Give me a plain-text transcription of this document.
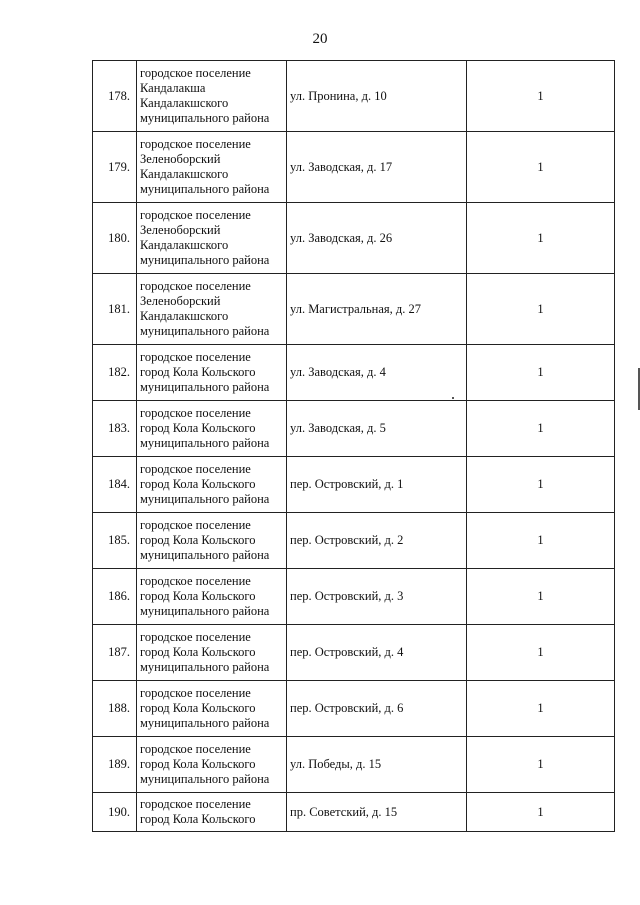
20
178.	городское поселение
Кандалакша
Кандалакшского
муниципального района	ул. Пронина, д. 10	1
179.	городское поселение
Зеленоборский
Кандалакшского
муниципального района	ул. Заводская, д. 17	1
180.	городское поселение
Зеленоборский
Кандалакшского
муниципального района	ул. Заводская, д. 26	1
181.	городское поселение
Зеленоборский
Кандалакшского
муниципального района	ул. Магистральная, д. 27	1
182.	городское поселение
город Кола Кольского
муниципального района	ул. Заводская, д. 4	1
183.	городское поселение
город Кола Кольского
муниципального района	ул. Заводская, д. 5	1
184.	городское поселение
город Кола Кольского
муниципального района	пер. Островский, д. 1	1
185.	городское поселение
город Кола Кольского
муниципального района	пер. Островский, д. 2	1
186.	городское поселение
город Кола Кольского
муниципального района	пер. Островский, д. 3	1
187.	городское поселение
город Кола Кольского
муниципального района	пер. Островский, д. 4	1
188.	городское поселение
город Кола Кольского
муниципального района	пер. Островский, д. 6	1
189.	городское поселение
город Кола Кольского
муниципального района	ул. Победы, д. 15	1
190.	городское поселение
город Кола Кольского	пр. Советский, д. 15	1
